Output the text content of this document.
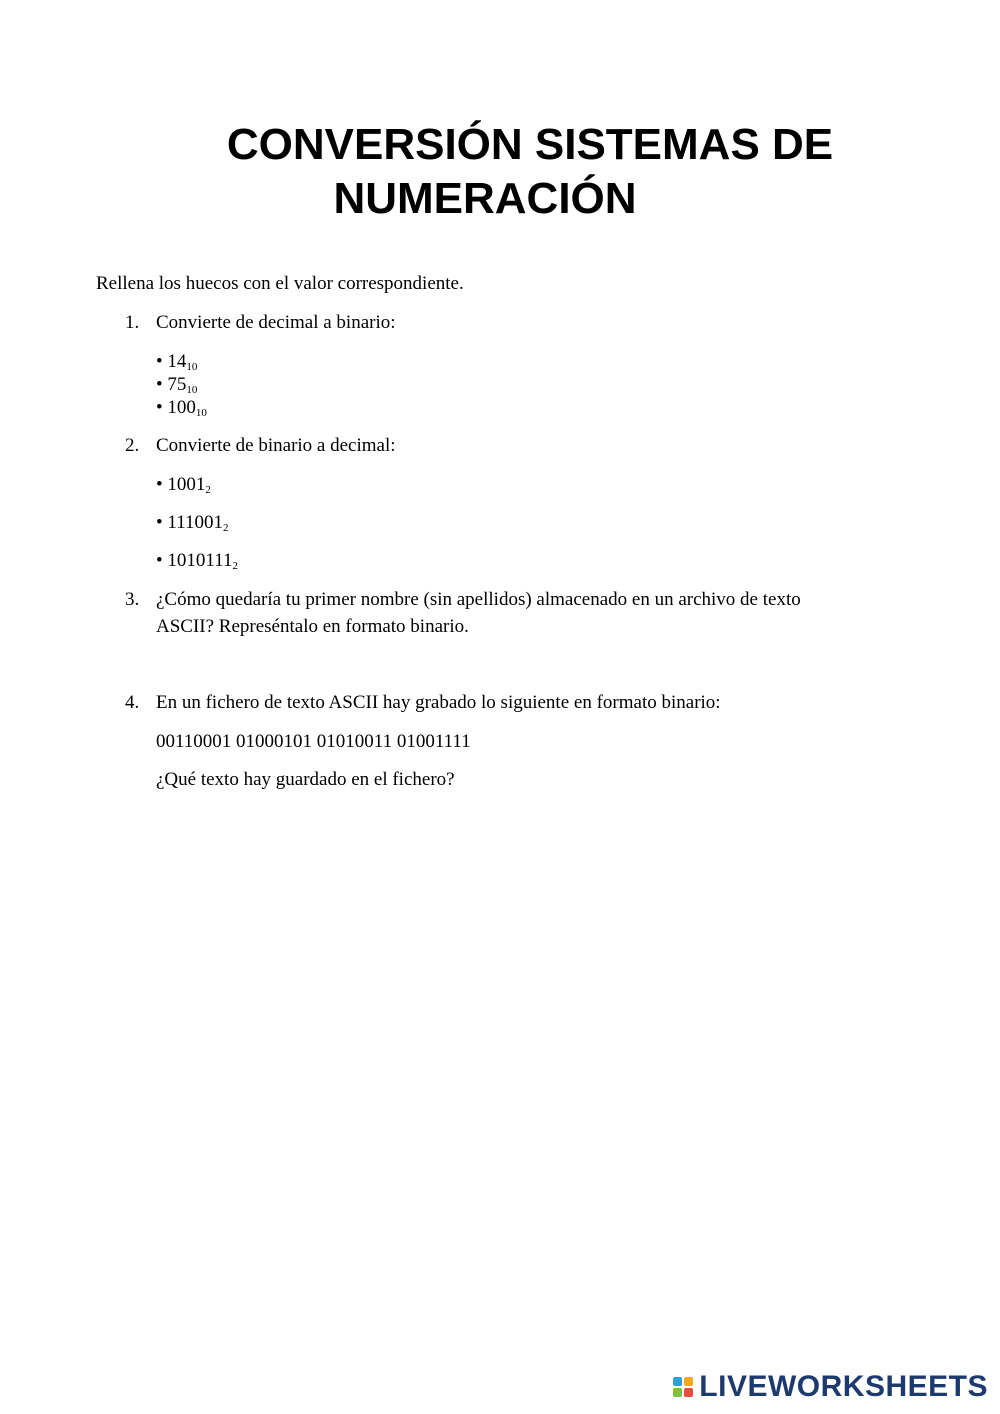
CONVERSIÓN SISTEMAS DE
NUMERACIÓN
Rellena los huecos con el valor correspondiente.
1. Convierte de decimal a binario:
• $14_{10}$
• $75_{10}$
• $100_{10}$
2. Convierte de binario a decimal:
• $1001_2$
• $111001_2$
• $1010111_2$
3. ¿Cómo quedaría tu primer nombre (sin apellidos) almacenado en un archivo de texto
ASCII? Represéntalo en formato binario.
4. En un fichero de texto ASCII hay grabado lo siguiente en formato binario:
00110001 01000101 01010011 01001111
¿Qué texto hay guardado en el fichero?
LIVEWORKSHEETS
